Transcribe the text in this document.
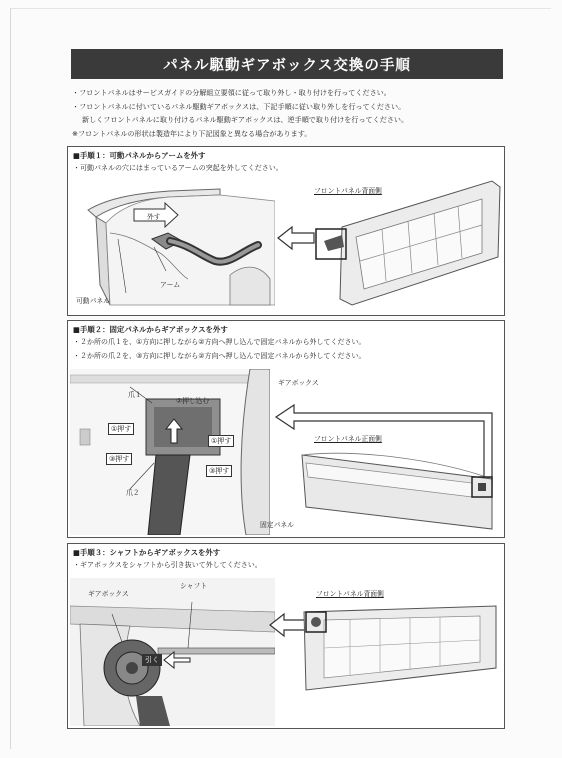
パネル駆動ギアボックス交換の手順
・フロントパネルはサービスガイドの分解組立要領に従って取り外し・取り付けを行ってください。
・フロントパネルに付いているパネル駆動ギアボックスは、下記手順に従い取り外しを行ってください。
新しくフロントパネルに取り付けるパネル駆動ギアボックスは、逆手順で取り付けを行ってください。
※フロントパネルの形状は製造年により下記図象と異なる場合があります。
■手順１：可動パネルからアームを外す
・可動パネルの穴にはまっているアームの突起を外してください。
外す
アーム
可動パネル
フロントパネル背面側
■手順２：固定パネルからギアボックスを外す
・２か所の爪１を、①方向に押しながら②方向へ押し込んで固定パネルから外してください。
・２か所の爪２を、③方向に押しながら②方向へ押し込んで固定パネルから外してください。
爪１
②押し込む
①押す
①押す
③押す
③押す
爪２
固定パネル
ギアボックス
フロントパネル正面側
■手順３：シャフトからギアボックスを外す
・ギアボックスをシャフトから引き抜いて外してください。
ギアボックス
シャフト
引く
フロントパネル背面側
